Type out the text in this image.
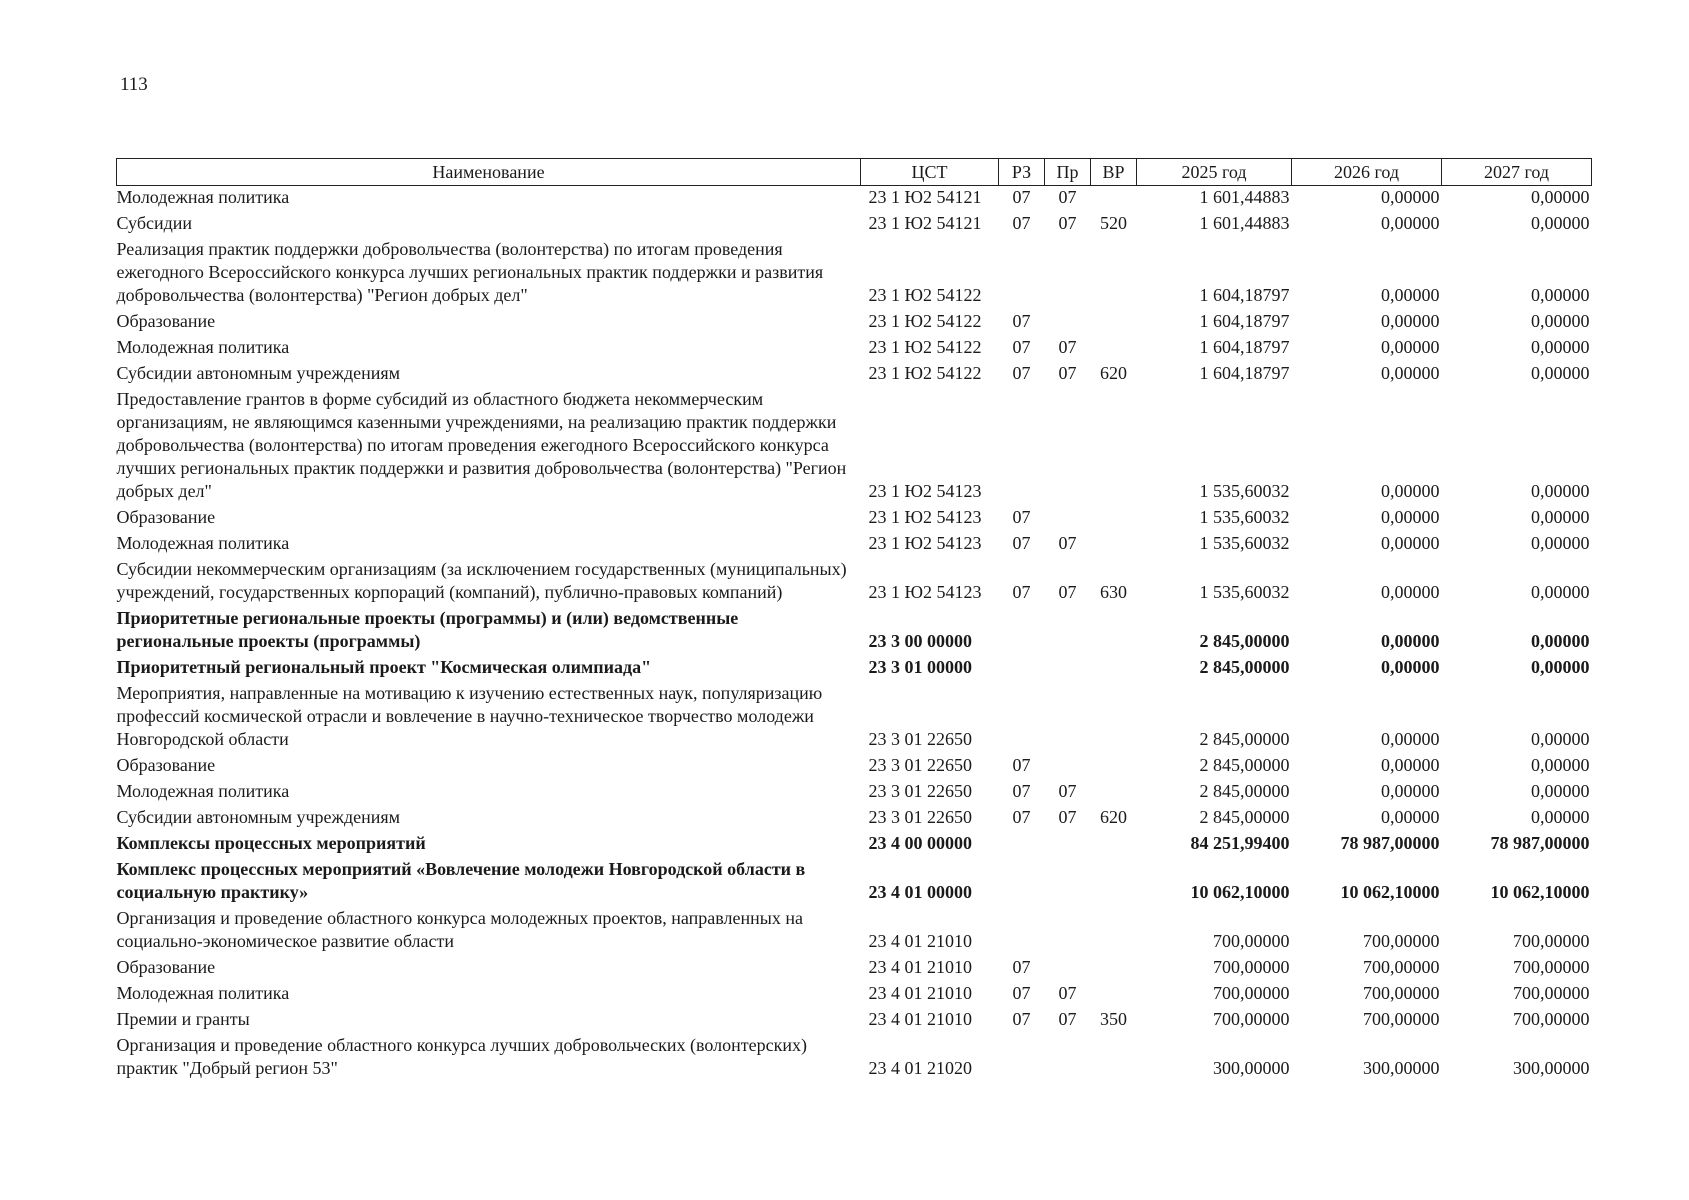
113
Наименование	ЦСТ	РЗ	Пр	ВР	2025 год	2026 год	2027 год
Молодежная политика	23 1 Ю2 54121	07	07		1 601,44883	0,00000	0,00000
Субсидии	23 1 Ю2 54121	07	07	520	1 601,44883	0,00000	0,00000
Реализация практик поддержки добровольчества (волонтерства) по итогам проведения ежегодного Всероссийского конкурса лучших региональных практик поддержки и развития добровольчества (волонтерства) "Регион добрых дел"	23 1 Ю2 54122				1 604,18797	0,00000	0,00000
Образование	23 1 Ю2 54122	07			1 604,18797	0,00000	0,00000
Молодежная политика	23 1 Ю2 54122	07	07		1 604,18797	0,00000	0,00000
Субсидии автономным учреждениям	23 1 Ю2 54122	07	07	620	1 604,18797	0,00000	0,00000
Предоставление грантов в форме субсидий из областного бюджета некоммерческим организациям, не являющимся казенными учреждениями, на реализацию практик поддержки добровольчества (волонтерства) по итогам проведения ежегодного Всероссийского конкурса лучших региональных практик поддержки и развития добровольчества (волонтерства) "Регион добрых дел"	23 1 Ю2 54123				1 535,60032	0,00000	0,00000
Образование	23 1 Ю2 54123	07			1 535,60032	0,00000	0,00000
Молодежная политика	23 1 Ю2 54123	07	07		1 535,60032	0,00000	0,00000
Субсидии некоммерческим организациям (за исключением государственных (муниципальных) учреждений, государственных корпораций (компаний), публично-правовых компаний)	23 1 Ю2 54123	07	07	630	1 535,60032	0,00000	0,00000
Приоритетные региональные проекты (программы) и (или) ведомственные региональные проекты (программы)	23 3 00 00000				2 845,00000	0,00000	0,00000
Приоритетный региональный проект "Космическая олимпиада"	23 3 01 00000				2 845,00000	0,00000	0,00000
Мероприятия, направленные на мотивацию к изучению естественных наук, популяризацию профессий космической отрасли и вовлечение в научно-техническое творчество молодежи Новгородской области	23 3 01 22650				2 845,00000	0,00000	0,00000
Образование	23 3 01 22650	07			2 845,00000	0,00000	0,00000
Молодежная политика	23 3 01 22650	07	07		2 845,00000	0,00000	0,00000
Субсидии автономным учреждениям	23 3 01 22650	07	07	620	2 845,00000	0,00000	0,00000
Комплексы процессных мероприятий	23 4 00 00000				84 251,99400	78 987,00000	78 987,00000
Комплекс процессных мероприятий «Вовлечение молодежи Новгородской области в социальную практику»	23 4 01 00000				10 062,10000	10 062,10000	10 062,10000
Организация и проведение областного конкурса молодежных проектов, направленных на социально-экономическое развитие области	23 4 01 21010				700,00000	700,00000	700,00000
Образование	23 4 01 21010	07			700,00000	700,00000	700,00000
Молодежная политика	23 4 01 21010	07	07		700,00000	700,00000	700,00000
Премии и гранты	23 4 01 21010	07	07	350	700,00000	700,00000	700,00000
Организация и проведение областного конкурса лучших добровольческих (волонтерских) практик "Добрый регион 53"	23 4 01 21020				300,00000	300,00000	300,00000
